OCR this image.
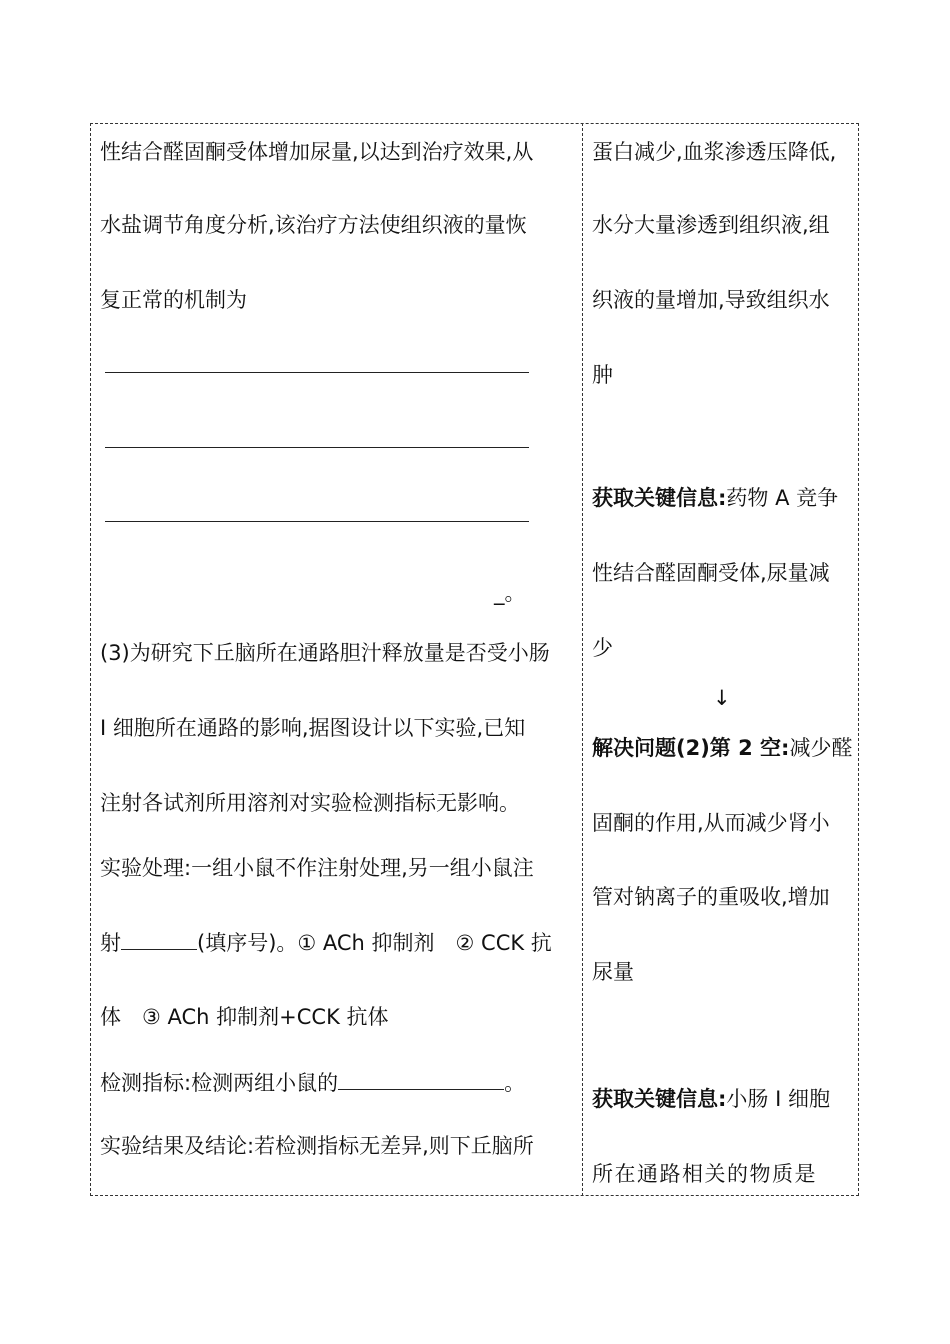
性结合醛固酮受体增加尿量,以达到治疗效果,从
水盐调节角度分析,该治疗方法使组织液的量恢
复正常的机制为
_。
(3)为研究下丘脑所在通路胆汁释放量是否受小肠
Ⅰ 细胞所在通路的影响,据图设计以下实验,已知
注射各试剂所用溶剂对实验检测指标无影响。
实验处理:一组小鼠不作注射处理,另一组小鼠注
射	(填序号)。① ACh 抑制剂　② CCK 抗
体　③ ACh 抑制剂+CCK 抗体
检测指标:检测两组小鼠的	。
实验结果及结论:若检测指标无差异,则下丘脑所
蛋白减少,血浆渗透压降低,
水分大量渗透到组织液,组
织液的量增加,导致组织水
肿
获取关键信息:药物 A 竞争
性结合醛固酮受体,尿量减
少
↓
解决问题(2)第 2 空:减少醛
固酮的作用,从而减少肾小
管对钠离子的重吸收,增加
尿量
获取关键信息:小肠 Ⅰ 细胞
所在通路相关的物质是
